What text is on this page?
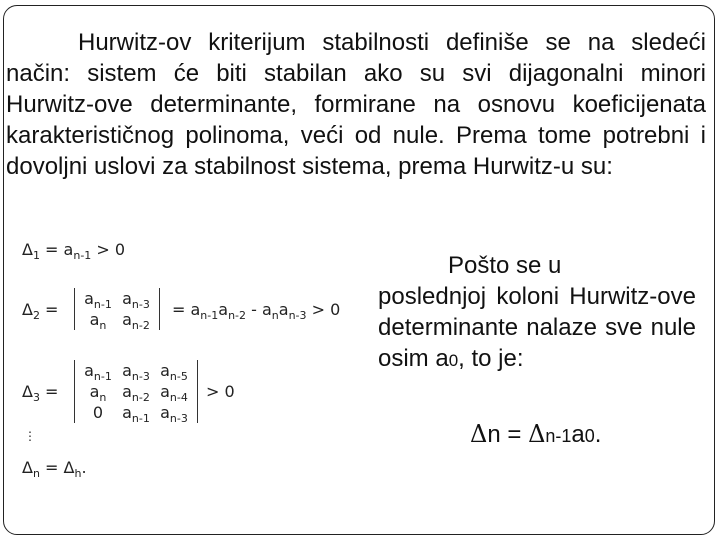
Hurwitz-ov kriterijum stabilnosti definiše se na sledeći način: sistem će biti stabilan ako su svi dijagonalni minori Hurwitz-ove determinante, formirane na osnovu koeficijenata karakterističnog polinoma, veći od nule. Prema tome potrebni i dovoljni uslovi za stabilnost sistema, prema Hurwitz-u su:

$\Delta_1 = a_{n-1} > 0$
$\Delta_2$ =
$a_{n-1}$ $a_{n-3}$
$a_n$ $a_{n-2}$
= $a_{n-1}a_{n-2} - a_na_{n-3} > 0$
$\Delta_3$ =
$a_{n-1}$ $a_{n-3}$ $a_{n-5}$
$a_n$ $a_{n-2}$ $a_{n-4}$
0	$a_{n-1}$ $a_{n-3}$
> 0
⋮
$\Delta_n = \Delta_h$.

Pošto se u
poslednjoj koloni Hurwitz-ove determinante nalaze sve nule osim a0, to je:

Δn = Δn-1a0.
